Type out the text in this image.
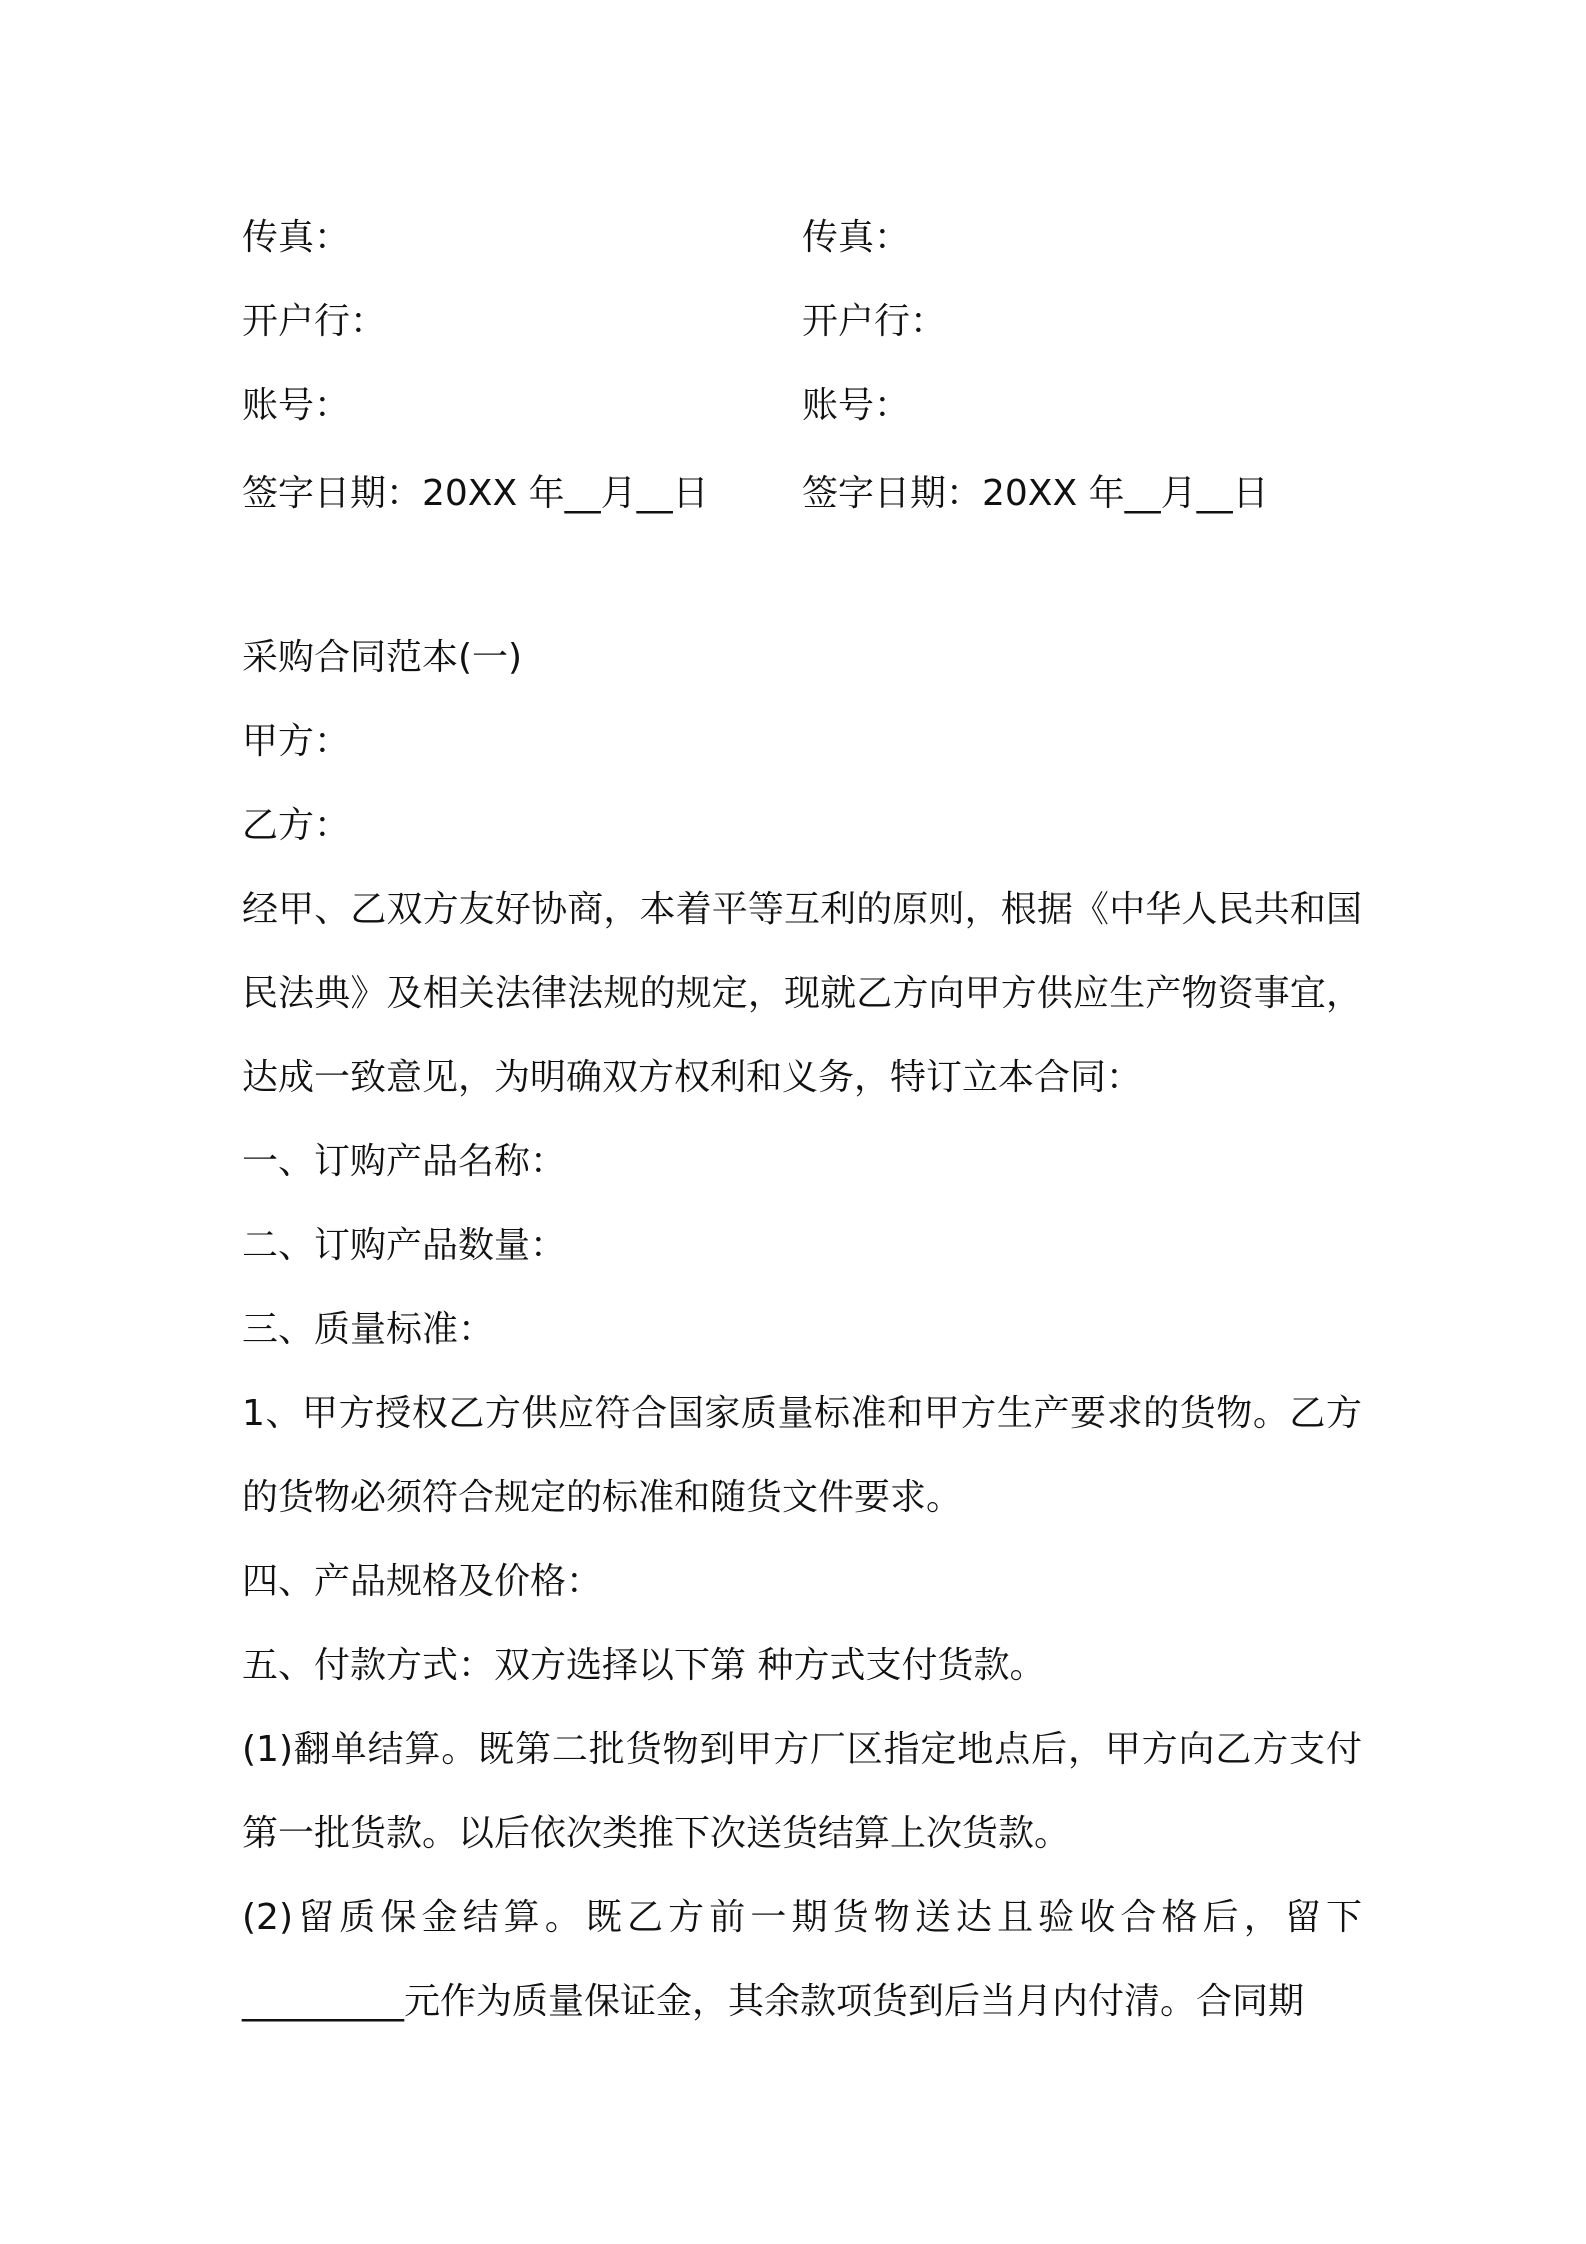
传真：	传真：
开户行：	开户行：
账号：	账号：
签字日期：20XX 年__月__日	签字日期：20XX 年__月__日
采购合同范本(一)
甲方：
乙方：
经甲、乙双方友好协商，本着平等互利的原则，根据《中华人民共和国民法典》及相关法律法规的规定，现就乙方向甲方供应生产物资事宜，达成一致意见，为明确双方权利和义务，特订立本合同：
一、订购产品名称：
二、订购产品数量：
三、质量标准：
1、甲方授权乙方供应符合国家质量标准和甲方生产要求的货物。乙方的货物必须符合规定的标准和随货文件要求。
四、产品规格及价格：
五、付款方式：双方选择以下第 种方式支付货款。
(1)翻单结算。既第二批货物到甲方厂区指定地点后，甲方向乙方支付第一批货款。以后依次类推下次送货结算上次货款。
(2)留质保金结算。既乙方前一期货物送达且验收合格后，留下_________元作为质量保证金，其余款项货到后当月内付清。合同期
